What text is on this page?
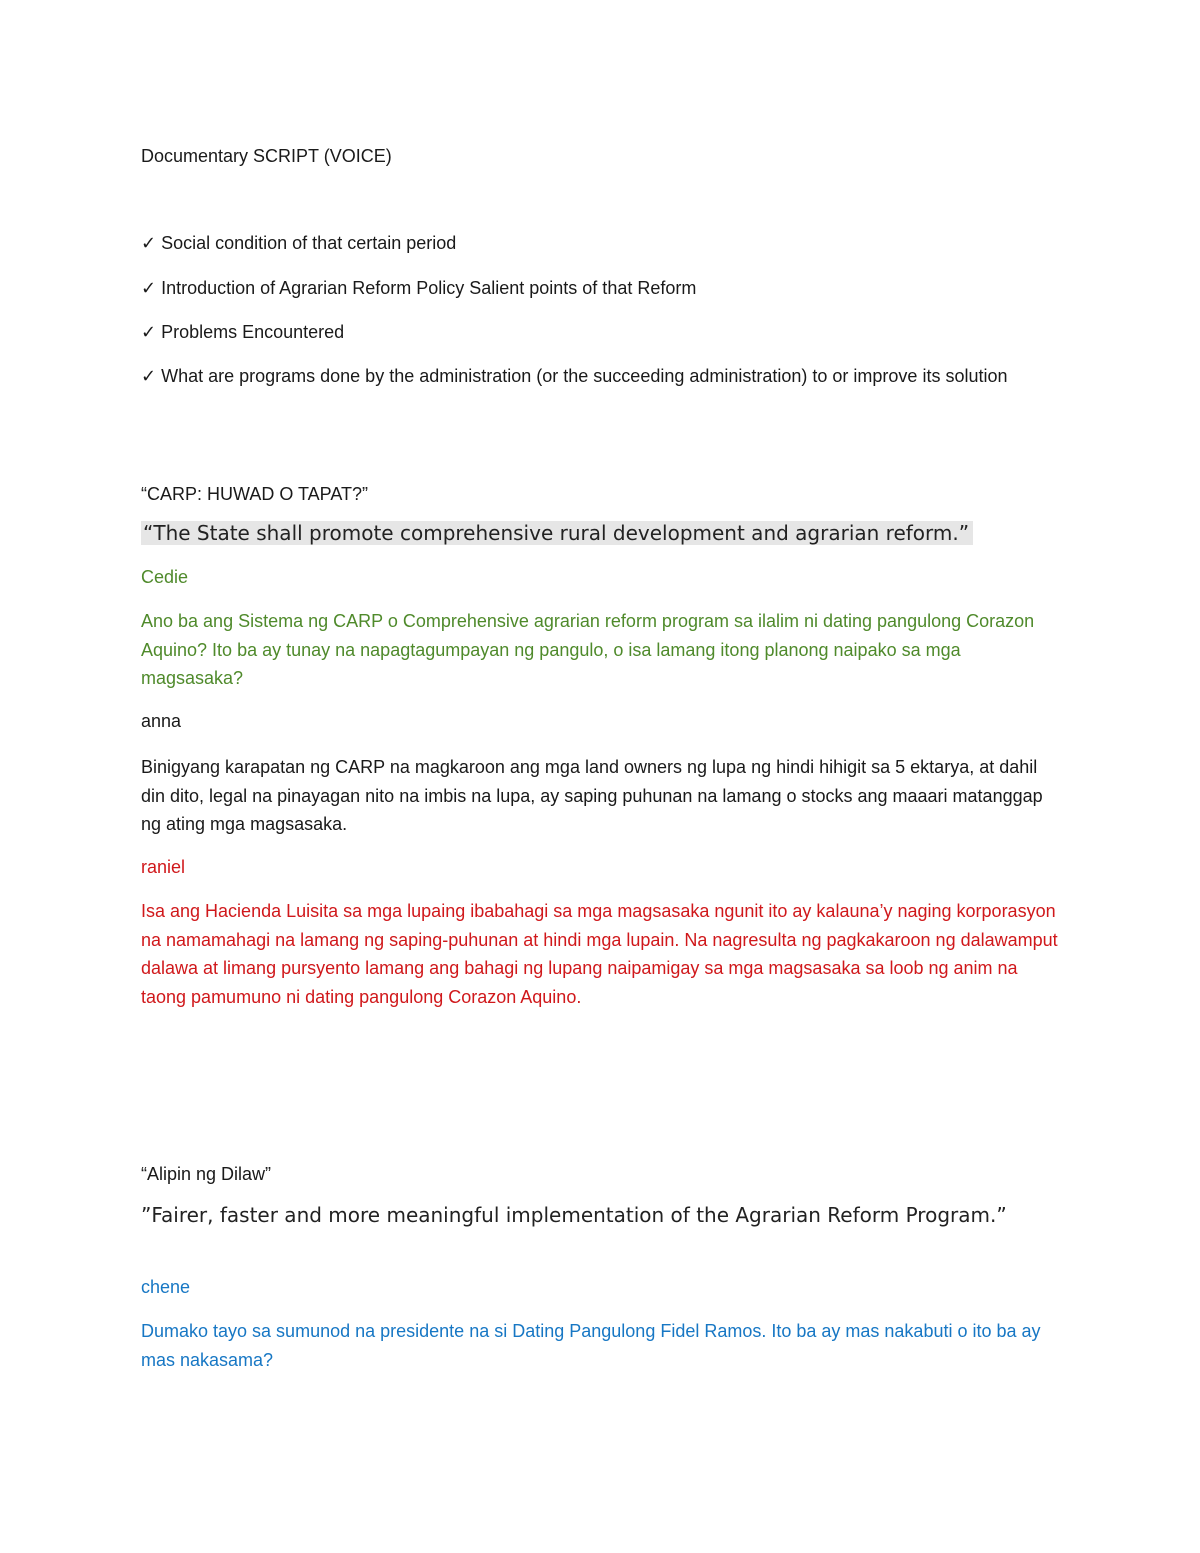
Documentary SCRIPT (VOICE)

✓ Social condition of that certain period

✓ Introduction of Agrarian Reform Policy Salient points of that Reform

✓ Problems Encountered

✓ What are programs done by the administration (or the succeeding administration) to or improve its solution

“CARP: HUWAD O TAPAT?”

“The State shall promote comprehensive rural development and agrarian reform.”

Cedie

Ano ba ang Sistema ng CARP o Comprehensive agrarian reform program sa ilalim ni dating pangulong Corazon Aquino? Ito ba ay tunay na napagtagumpayan ng pangulo, o isa lamang itong planong naipako sa mga magsasaka?

anna

Binigyang karapatan ng CARP na magkaroon ang mga land owners ng lupa ng hindi hihigit sa 5 ektarya, at dahil din dito, legal na pinayagan nito na imbis na lupa, ay saping puhunan na lamang o stocks ang maaari matanggap ng ating mga magsasaka.

raniel

Isa ang Hacienda Luisita sa mga lupaing ibabahagi sa mga magsasaka ngunit ito ay kalauna’y naging korporasyon na namamahagi na lamang ng saping-puhunan at hindi mga lupain. Na nagresulta ng pagkakaroon ng dalawamput dalawa at limang pursyento lamang ang bahagi ng lupang naipamigay sa mga magsasaka sa loob ng anim na taong pamumuno ni dating pangulong Corazon Aquino.

“Alipin ng Dilaw”

”Fairer, faster and more meaningful implementation of the Agrarian Reform Program.”

chene

Dumako tayo sa sumunod na presidente na si Dating Pangulong Fidel Ramos. Ito ba ay mas nakabuti o ito ba ay mas nakasama?
